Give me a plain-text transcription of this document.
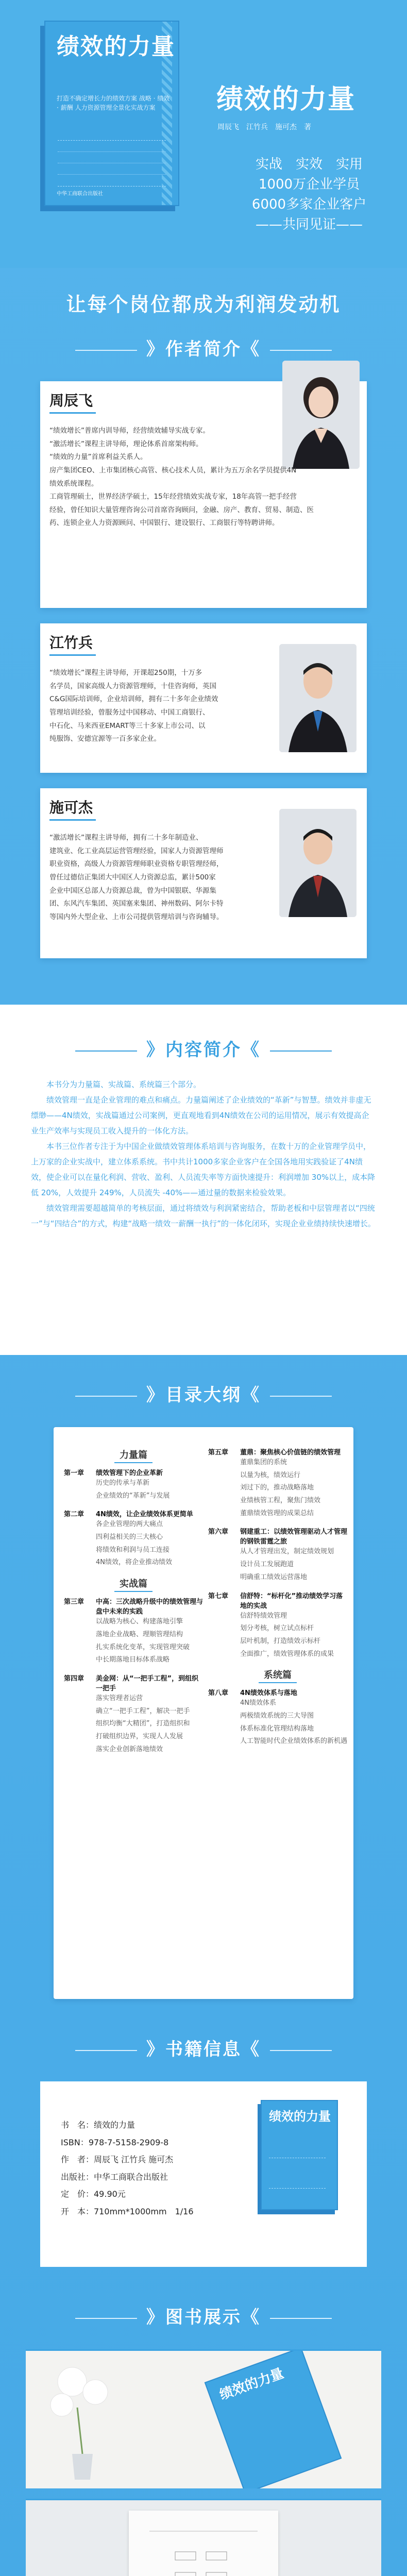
绩效的力量
打造不确定增长力的绩效方案 战略 · 绩效 · 薪酬 人力资源管理全景化实战方案
中华工商联合出版社
绩效的力量
周辰飞　江竹兵　施可杰　著
实战　实效　实用
1000万企业学员
6000多家企业客户
——共同见证——
让每个岗位都成为利润发动机
》作者简介《
周辰飞
“绩效增长”普席内训导师，经营绩效辅导实战专家。
“激活增长”课程主讲导师，理论体系首席架构师。
“绩效的力量”首席利益关系人。
房产集团CEO、上市集团核心高管、核心技术人员，累计为五万余名学员提供4N
绩效系统课程。
工商管理硕士，世界经济学硕士，15年经营绩效实战专家，18年高管一把手经营
经验，曾任知识大量管理咨询公司首席咨询顾问，金融、房产、教育、贸易、制造、医
药、连锁企业人力资源顾问、中国银行、建设银行、工商银行等特聘讲师。
江竹兵
“绩效增长”课程主讲导师，开课超250期，十万多
名学员，国家高级人力资源管理师，十佳咨询师，英国
C&G国际培训师，企业培训师，拥有二十多年企业绩效
管理培训经验，曾服务过中国移动、中国工商银行、
中石化、马来西亚EMART等三十多家上市公司、以
纯服饰、安德宜源等一百多家企业。
施可杰
“激活增长”课程主讲导师，拥有二十多年制造业、
建筑业、化工业高层运营管理经验，国家人力资源管理师
职业资格，高级人力资源管理师职业资格专职管理经师，
曾任过德信正集团大中国区人力资源总监，累计500家
企业中国区总部人力资源总裁，曾为中国银联、华源集
团、东风汽车集团、英国塞来集团、神州数码、阿尔卡特
等国内外大型企业、上市公司提供管理培训与咨询辅导。
》内容简介《

本书分为力量篇、实战篇、系统篇三个部分。

绩效管理一直是企业管理的难点和痛点。力量篇阐述了企业绩效的“革新”与智慧。绩效并非虚无缥缈——4N绩效，实战篇通过公司案例，更直观地看到4N绩效在公司的运用情况，展示有效提高企业生产效率与实现员工收入提升的一体化方法。

本书三位作者专注于为中国企业做绩效管理体系培训与咨询服务，在数十万的企业管理学员中，上万家的企业实战中，建立体系系统。书中共计1000多家企业客户在全国各地用实践验证了4N绩效，使企业可以在量化利润、营收、盈利、人员流失率等方面快速提升：利润增加 30%以上，成本降低 20%，人效提升 249%，人员流失 -40%——通过量的数据来检验效果。

绩效管理需要超越简单的考核层面，通过将绩效与利润紧密结合，帮助老板和中层管理者以“四统一”与“四结合”的方式，构建“战略一绩效一薪酬一执行”的一体化闭环，实现企业业绩持续快速增长。

》目录大纲《
力量篇
第一章	绩效管理下的企业革新
历史的传承与革新
企业绩效的“革新”与发展
第二章	4N绩效，让企业绩效体系更简单
各企业管理的两大痛点
四利益相关的三大核心
将绩效和利润与员工连接
4N绩效，将企业推动绩效
实战篇
第三章	中高：三次战略升级中的绩效管理与盘中未来的实践
以战略为核心、构建落地引擎
落地企业战略、理顺管理结构
扎实系统化变革，实现管理突破
中长期落地目标体系战略
第四章	美金网：从“一把手工程”，到组织一把手
落实管理者运营
确立“一把手工程”，解决一把手
组织均衡“大精团”，打造组织和
打破组织边界，实现人人发展
落实企业创新落地绩效
第五章	董鼎：聚焦核心价值链的绩效管理
董鼎集团的系统
以量为核，绩效运行
刘过下的，推动战略落地
业绩核管工程，聚焦门绩效
董鼎绩效管理的成果总结
第六章	钢建重工：以绩效管理驱动人才管理的钢铁雷霆之旅
从人才管理出发，制定绩效规划
设计员工发展跑道
明确重工绩效运营落地
第七章	信舒特：“标杆化”推动绩效学习落地的实战
信舒特绩效管理
划分考核，树立试点标杆
层叶机制，打造绩效示标杆
全面推广，绩效管理体系的成果
系统篇
第八章	4N绩效体系与落地
4N绩效体系
两极绩效系统的三大导图
体系标准化管理结构落地
人工智能时代企业绩效体系的新机遇
》书籍信息《
书　名：绩效的力量
ISBN：978-7-5158-2909-8
作　者：周辰飞 江竹兵 施可杰
出版社：中华工商联合出版社
定　价：49.90元
开　本：710mm*1000mm　1/16
绩效的力量
》图书展示《
绩效的力量
